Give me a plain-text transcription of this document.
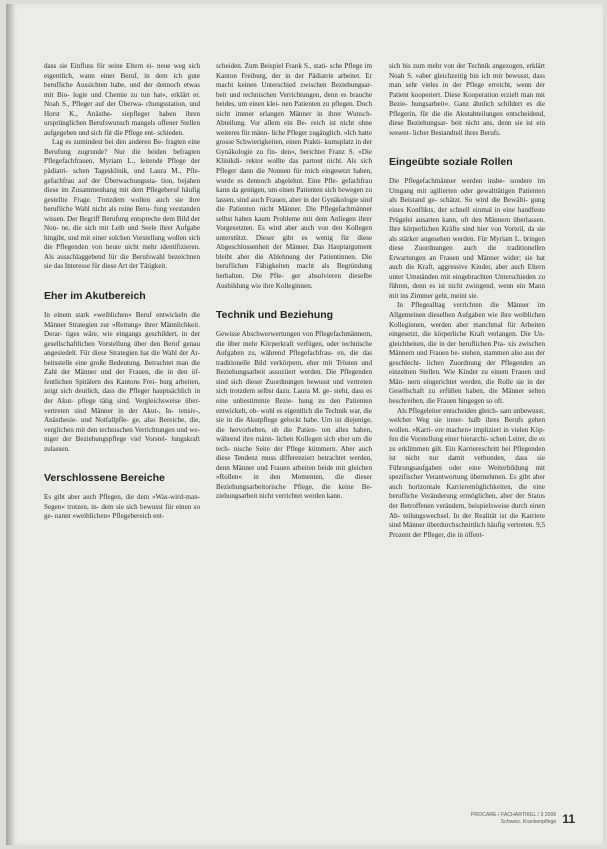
dass sie Einfluss für seine Eltern ei- neue weg sich eigentlich, wann einer Beruf, in dem ich gute berufliche Aussichten habe, und der dennoch etwas mit Bio- logie und Chemie zu tun hat«, erklärt er. Noah S., Pfleger auf der Überwa- chungsstation, und Horst K., Anästhe- siepfleger haben ihren ursprünglichen Berufswunsch mangels offener Stellen aufgegeben und sich für die Pflege ent- schieden.

Lag es zumindest bei den anderen Be- fragten eine Berufung zugrunde? Nur die beiden befragten Pflegefachfrauen, Myriam L., leitende Pflege der pädiatri- schen Tagesklinik, und Laura M., Pfle- gefachfrau auf der Überwachungssta- tion, bejahen diese im Zusammenhang mit dem Pflegeberuf häufig gestellte Frage. Trotzdem wollen auch sie ihre berufliche Wahl nicht als reine Beru- fung verstanden wissen. Der Begriff Berufung entspreche dem Bild der Non- ne, die sich mit Leib und Seele ihrer Aufgabe hingibt, und mit einer solchen Vorstellung wollen sich die Pflegenden von heute nicht mehr identifizieren. Als ausschlaggebend für die Berufswahl bezeichnen sie das Interesse für diese Art der Tätigkeit.

Eher im Akutbereich

In einem stark »weiblichen« Beruf entwickeln die Männer Strategien zur »Rettung« ihrer Männlichkeit. Derar- tiges wäre, wie eingangs geschildert, in der gesellschaftlichen Vorstellung über den Beruf genau angesiedelt. Für diese Strategien hat die Wahl der Ar- beitsstelle eine große Bedeutung. Betrachtet man die Zahl der Männer und der Frauen, die in den öf- fentlichen Spitälern des Kantons Frei- burg arbeiten, zeigt sich deutlich, dass die Pfleger hauptsächlich in der Akut- pflege tätig sind. Vergleichsweise über- vertreten sind Männer in der Akut-, In- tensiv-, Anästhesie- und Notfallpfle- ge, also Bereiche, die, verglichen mit den technischen Verrichtungen und we- niger der Beziehungspflege viel Vorstel- lungskraft zulassen.

Verschlossene Bereiche

Es gibt aber auch Pflegen, die dem »Was-wird-man-Segen« trotzen, in- dem sie sich bewusst für einen so ge- nannt »weiblichen« Pflegebereich ent-

scheiden. Zum Beispiel Frank S., stati- sche Pflege im Kanton Freiburg, der in der Pädiatrie arbeitet. Er macht keinen Unterschied zwischen Beziehungsar- beit und technischen Verrichtungen, denn es brauche beides, um einen klei- nen Patienten zu pflegen. Doch nicht immer erlangen Männer in ihrer Wunsch-Abteilung. Vor allem ein Be- reich ist nicht ohne weiteres für männ- liche Pfleger zugänglich. »Ich hatte grosse Schwierigkeiten, einen Prakti- kumsplatz in der Gynäkologie zu fin- den«, berichtet Franz S. »Die Klinikdi- rektor wollte das partout nicht. Als sich Pfleger dann die Nonnen für mich eingesetzt haben, wurde es dennoch abgelehnt. Eine Pfle- gefachfrau kann da genügen, um einen Patienten sich bewegen zu lassen, sind auch Frauen, aber in der Gynäkologie sind die Patienten nicht Männer. Die Pflegefachmänner selbst haben kaum Probleme mit dem Anliegen ihrer Vorgesetzten. Es wird aber auch von den Kollegen unterstützt. Dieser gibt es wenig für diese Abgeschlossenheit der Männer. Das Hauptargument bleibt aber die Ablehnung der Patientinnen. Die beruflichen Fähigkeiten macht als Begründung herhalten. Die Pfle- ger absolvieren dieselbe Ausbildung wie ihre Kolleginnen.

Technik und Beziehung

Gewisse Abschwerwertungen von Pflegefachmännern, die über mehr Körperkraft verfügen, oder technische Aufgaben zu, während Pflegefachfrau- en, die das traditionelle Bild verkörpern, eher mit Trösten und Beziehungsarbeit assoziiert werden. Die Pflegenden sind sich dieser Zuordnungen bewusst und vertreten sich trotzdem selbst dazu. Laura M. ge- steht, dass es eine unbestimmte Bezie- hung zu den Patienten entwickelt, ob- wohl es eigentlich die Technik war, die sie in die Akutpflege gelockt habe. Um ist diejenige, die hervorheben, ob die Patien- ten alles haben, während ihre männ- lichen Kollegen sich eher um die tech- nische Seite der Pflege kümmern. Aber auch diese Tendenz muss differenziert betrachtet werden, denn Männer und Frauen arbeiten beide mit gleichen »Rollen« in den Momenten, die dieser Beziehungsarbeitorische Pflege, die keine Be- ziehungsarbeit nicht verrichtet werden kann.

sich bis zum mehr von der Technik angezogen, erklärt Noah S. »aber gleichzeitig bin ich mir bewusst, dass man sehr vieles in der Pflege erreicht, wenn der Patient kooperiert. Diese Kooperation erzielt man mit Bezie- hungsarbeit«. Ganz ähnlich schildert es die Pflegerin, für die die Akutabteilungen entscheidend, diese Beziehungsar- beit nicht ans, denn sie ist ein wesent- licher Bestandteil ihres Berufs.

Eingeübte soziale Rollen

Die Pflegefachmänner werden insbe- sondere im Umgang mit agilierten oder gewalttätigen Patienten als Beistand ge- schätzt. So wird die Bewälti- gung eines Konflikts, der schnell einmal in eine handfeste Prügelei ausarten kann, oft den Männern überlassen. Ihre körperlichen Kräfte sind hier von Vorteil, da sie als stärker angesehen werden. Für Myriam L. bringen diese Zuordnungen auch die traditionellen Erwartungen an Frauen und Männer wider; sie hat auch die Kraft, aggressive Kinder, aber auch Eltern unter Umständen mit eingebrachten Unterschieden zu führen, denn es ist nicht zwingend, wenn ein Mann mit ins Zimmer geht, meint sie.

In Pflegealltag verrichten die Männer im Allgemeinen dieselben Aufgaben wie ihre weiblichen Kolleginnen, werden aber manchmal für Arbeiten eingesetzt, die körperliche Kraft verlangen. Die Un- gleichheiten, die in der beruflichen Pra- xis zwischen Männern und Frauen be- stehen, stammen also aus der geschlecht- lichen Zuordnung der Pflegenden an einzelnen Stellen. Wie Kinder zu einem Frauen und Män- nern eingerichtet werden, die Rolle sie in der Gesellschaft zu erfüllen haben, die Männer selten beschreiben, die Frauen hingegen so oft.

Als Pflegeleiter entscheiden gleich- sam unbewusst, welcher Weg sie inner- halb ihres Berufs gehen wollen. »Karri- ere machen« impliziert in vielen Köp- fen die Vorstellung einer hierarchi- schen Leiter, die es zu erklimmen gilt. Ein Karriereschritt bei Pflegenden ist nicht nur damit verbunden, dass sie Führungsaufgaben oder eine Weiterbildung mit spezifischer Verantwortung übernehmen. Es gibt aber auch horizontale Karrieremöglichkeiten, die eine berufliche Veränderung ermöglichen, aber der Status der Betroffenen verändern, beispielsweise durch einen Ab- teilungswechsel. In der Realität ist die Karriere sind Männer überdurchschnittlich häufig vertreten. 9,5 Prozent der Pfleger, die in öffent-

PROCARE / FACHARTIKEL / 3 2006
Schweiz. Krankenpflege 11
